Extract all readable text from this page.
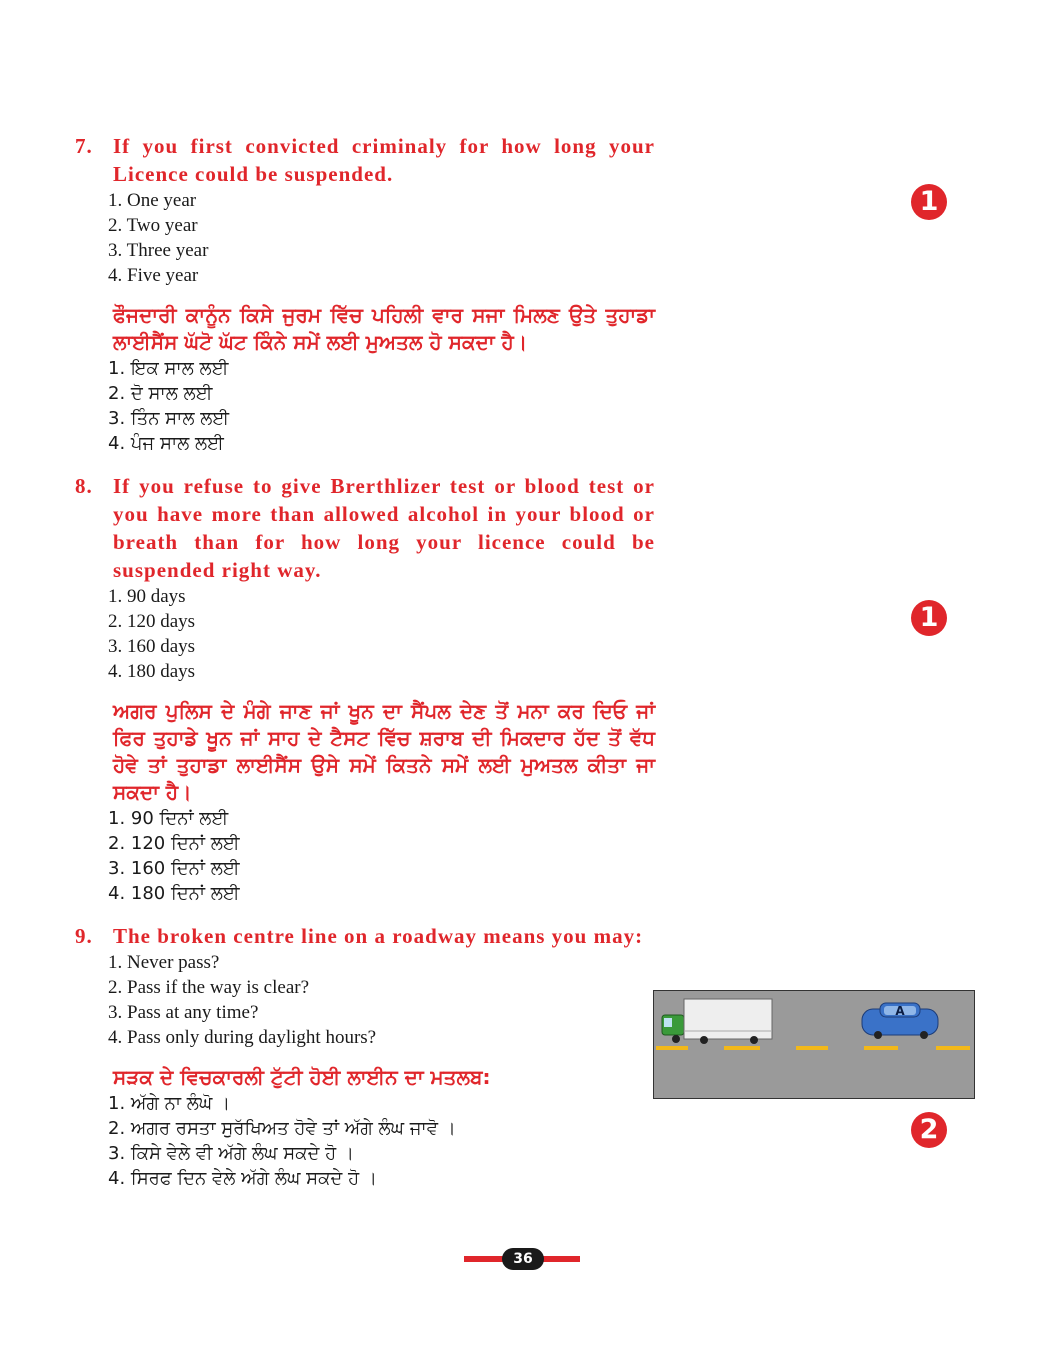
7. If you first convicted criminaly for how long your Licence could be suspended.
1. One year
2. Two year
3. Three year
4. Five year
ਫੌਜਦਾਰੀ ਕਾਨੂੰਨ ਕਿਸੇ ਜੁਰਮ ਵਿੱਚ ਪਹਿਲੀ ਵਾਰ ਸਜਾ ਮਿਲਣ ਉਤੇ ਤੁਹਾਡਾ ਲਾਈਸੈਂਸ ਘੱਟੋ ਘੱਟ ਕਿੰਨੇ ਸਮੇਂ ਲਈ ਮੁਅਤਲ ਹੋ ਸਕਦਾ ਹੈ।
1. ਇਕ ਸਾਲ ਲਈ
2. ਦੋ ਸਾਲ ਲਈ
3. ਤਿੰਨ ਸਾਲ ਲਈ
4. ਪੰਜ ਸਾਲ ਲਈ
1
8. If you refuse to give Brerthlizer test or blood test or you have more than allowed alcohol in your blood or breath than for how long your licence could be suspended right way.
1. 90 days
2. 120 days
3. 160 days
4. 180 days
ਅਗਰ ਪੁਲਿਸ ਦੇ ਮੰਗੇ ਜਾਣ ਜਾਂ ਖੂਨ ਦਾ ਸੈਂਪਲ ਦੇਣ ਤੋਂ ਮਨਾ ਕਰ ਦਿਓ ਜਾਂ ਫਿਰ ਤੁਹਾਡੇ ਖੂਨ ਜਾਂ ਸਾਹ ਦੇ ਟੈਸਟ ਵਿੱਚ ਸ਼ਰਾਬ ਦੀ ਮਿਕਦਾਰ ਹੱਦ ਤੋਂ ਵੱਧ ਹੋਵੇ ਤਾਂ ਤੁਹਾਡਾ ਲਾਈਸੈਂਸ ਉਸੇ ਸਮੇਂ ਕਿਤਨੇ ਸਮੇਂ ਲਈ ਮੁਅਤਲ ਕੀਤਾ ਜਾ ਸਕਦਾ ਹੈ।
1. 90 ਦਿਨਾਂ ਲਈ
2. 120 ਦਿਨਾਂ ਲਈ
3. 160 ਦਿਨਾਂ ਲਈ
4. 180 ਦਿਨਾਂ ਲਈ
1
9. The broken centre line on a roadway means you may:
1. Never pass?
2. Pass if the way is clear?
3. Pass at any time?
4. Pass only during daylight hours?
ਸੜਕ ਦੇ ਵਿਚਕਾਰਲੀ ਟੁੱਟੀ ਹੋਈ ਲਾਈਨ ਦਾ ਮਤਲਬ:
1. ਅੱਗੇ ਨਾ ਲੰਘੋ ।
2. ਅਗਰ ਰਸਤਾ ਸੁਰੱਖਿਅਤ ਹੋਵੇ ਤਾਂ ਅੱਗੇ ਲੰਘ ਜਾਵੋ ।
3. ਕਿਸੇ ਵੇਲੇ ਵੀ ਅੱਗੇ ਲੰਘ ਸਕਦੇ ਹੋ ।
4. ਸਿਰਫ ਦਿਨ ਵੇਲੇ ਅੱਗੇ ਲੰਘ ਸਕਦੇ ਹੋ ।
A
2
36
